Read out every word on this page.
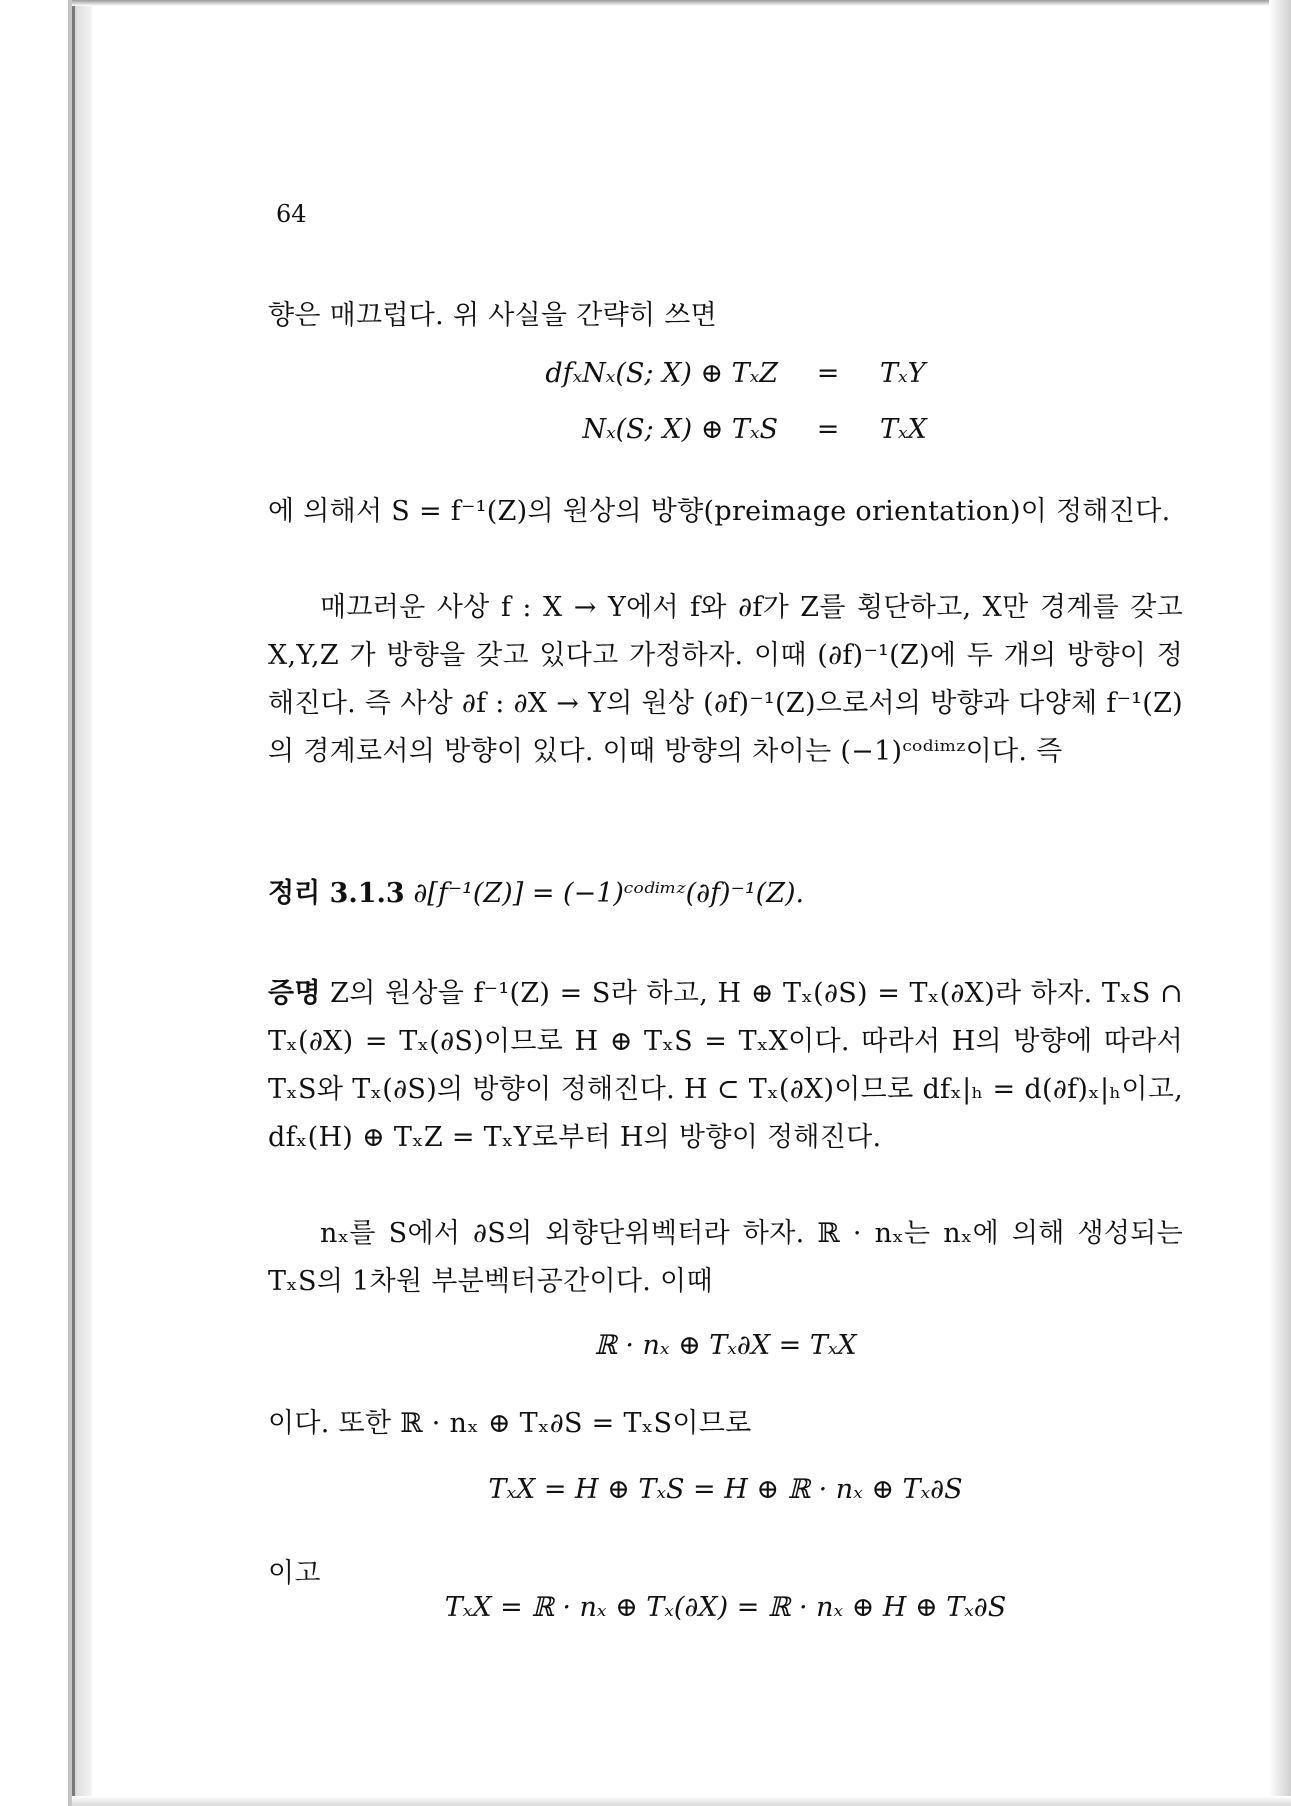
64
향은 매끄럽다. 위 사실을 간략히 쓰면
dfₓNₓ(S; X) ⊕ TₓZ	=	TₓY
Nₓ(S; X) ⊕ TₓS	=	TₓX
에 의해서 S = f⁻¹(Z)의 원상의 방향(preimage orientation)이 정해진다.
매끄러운 사상 f : X → Y에서 f와 ∂f가 Z를 횡단하고, X만 경계를 갖고 X,Y,Z 가 방향을 갖고 있다고 가정하자. 이때 (∂f)⁻¹(Z)에 두 개의 방향이 정해진다. 즉 사상 ∂f : ∂X → Y의 원상 (∂f)⁻¹(Z)으로서의 방향과 다양체 f⁻¹(Z)의 경계로서의 방향이 있다. 이때 방향의 차이는 (−1)ᶜᵒᵈⁱᵐᶻ이다. 즉
정리 3.1.3 ∂[f⁻¹(Z)] = (−1)ᶜᵒᵈⁱᵐᶻ(∂f)⁻¹(Z).
증명 Z의 원상을 f⁻¹(Z) = S라 하고, H ⊕ Tₓ(∂S) = Tₓ(∂X)라 하자. TₓS ∩ Tₓ(∂X) = Tₓ(∂S)이므로 H ⊕ TₓS = TₓX이다. 따라서 H의 방향에 따라서 TₓS와 Tₓ(∂S)의 방향이 정해진다. H ⊂ Tₓ(∂X)이므로 dfₓ|ₕ = d(∂f)ₓ|ₕ이고, dfₓ(H) ⊕ TₓZ = TₓY로부터 H의 방향이 정해진다.
nₓ를 S에서 ∂S의 외향단위벡터라 하자. ℝ · nₓ는 nₓ에 의해 생성되는 TₓS의 1차원 부분벡터공간이다. 이때
ℝ · nₓ ⊕ Tₓ∂X = TₓX
이다. 또한 ℝ · nₓ ⊕ Tₓ∂S = TₓS이므로
TₓX = H ⊕ TₓS = H ⊕ ℝ · nₓ ⊕ Tₓ∂S
이고
TₓX = ℝ · nₓ ⊕ Tₓ(∂X) = ℝ · nₓ ⊕ H ⊕ Tₓ∂S
